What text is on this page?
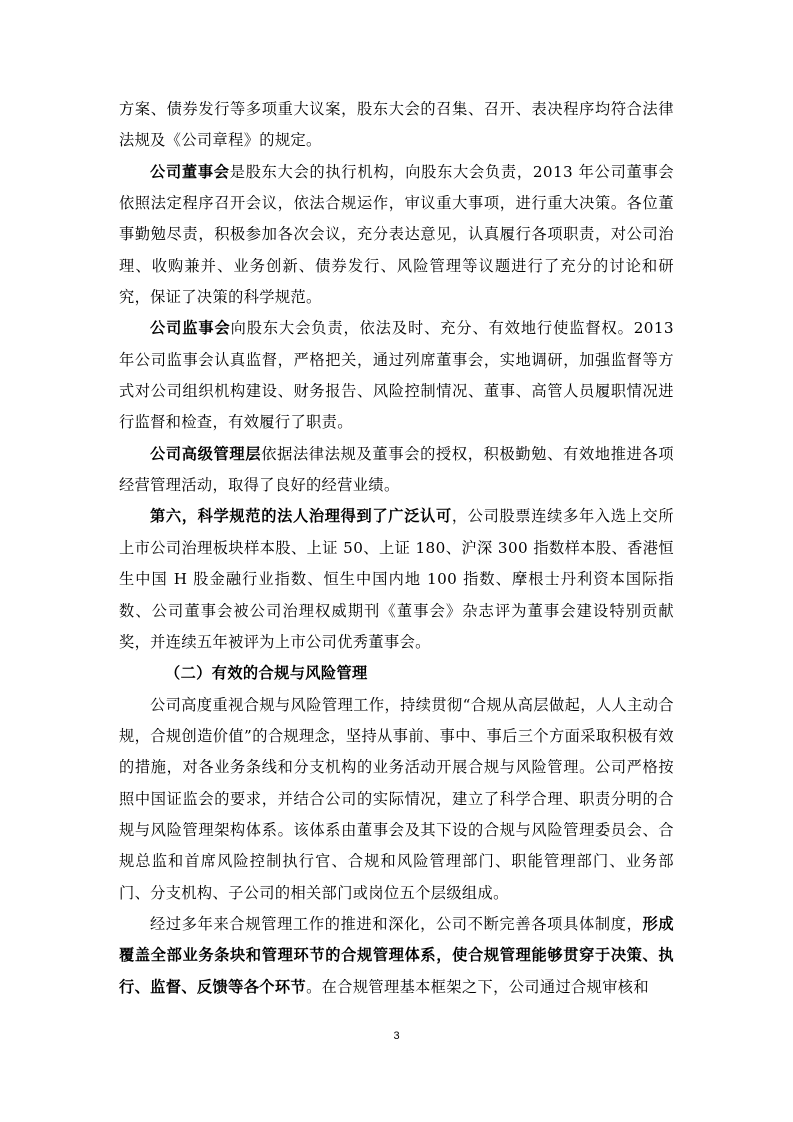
方案、债券发行等多项重大议案，股东大会的召集、召开、表决程序均符合法律法规及《公司章程》的规定。

公司董事会是股东大会的执行机构，向股东大会负责，2013 年公司董事会依照法定程序召开会议，依法合规运作，审议重大事项，进行重大决策。各位董事勤勉尽责，积极参加各次会议，充分表达意见，认真履行各项职责，对公司治理、收购兼并、业务创新、债券发行、风险管理等议题进行了充分的讨论和研究，保证了决策的科学规范。

公司监事会向股东大会负责，依法及时、充分、有效地行使监督权。2013 年公司监事会认真监督，严格把关，通过列席董事会，实地调研，加强监督等方式对公司组织机构建设、财务报告、风险控制情况、董事、高管人员履职情况进行监督和检查，有效履行了职责。

公司高级管理层依据法律法规及董事会的授权，积极勤勉、有效地推进各项经营管理活动，取得了良好的经营业绩。

第六，科学规范的法人治理得到了广泛认可，公司股票连续多年入选上交所上市公司治理板块样本股、上证 50、上证 180、沪深 300 指数样本股、香港恒生中国 H 股金融行业指数、恒生中国内地 100 指数、摩根士丹利资本国际指数、公司董事会被公司治理权威期刊《董事会》杂志评为董事会建设特别贡献奖，并连续五年被评为上市公司优秀董事会。

（二）有效的合规与风险管理

公司高度重视合规与风险管理工作，持续贯彻“合规从高层做起，人人主动合规，合规创造价值”的合规理念，坚持从事前、事中、事后三个方面采取积极有效的措施，对各业务条线和分支机构的业务活动开展合规与风险管理。公司严格按照中国证监会的要求，并结合公司的实际情况，建立了科学合理、职责分明的合规与风险管理架构体系。该体系由董事会及其下设的合规与风险管理委员会、合规总监和首席风险控制执行官、合规和风险管理部门、职能管理部门、业务部门、分支机构、子公司的相关部门或岗位五个层级组成。

经过多年来合规管理工作的推进和深化，公司不断完善各项具体制度，形成覆盖全部业务条块和管理环节的合规管理体系，使合规管理能够贯穿于决策、执行、监督、反馈等各个环节。在合规管理基本框架之下，公司通过合规审核和

3
